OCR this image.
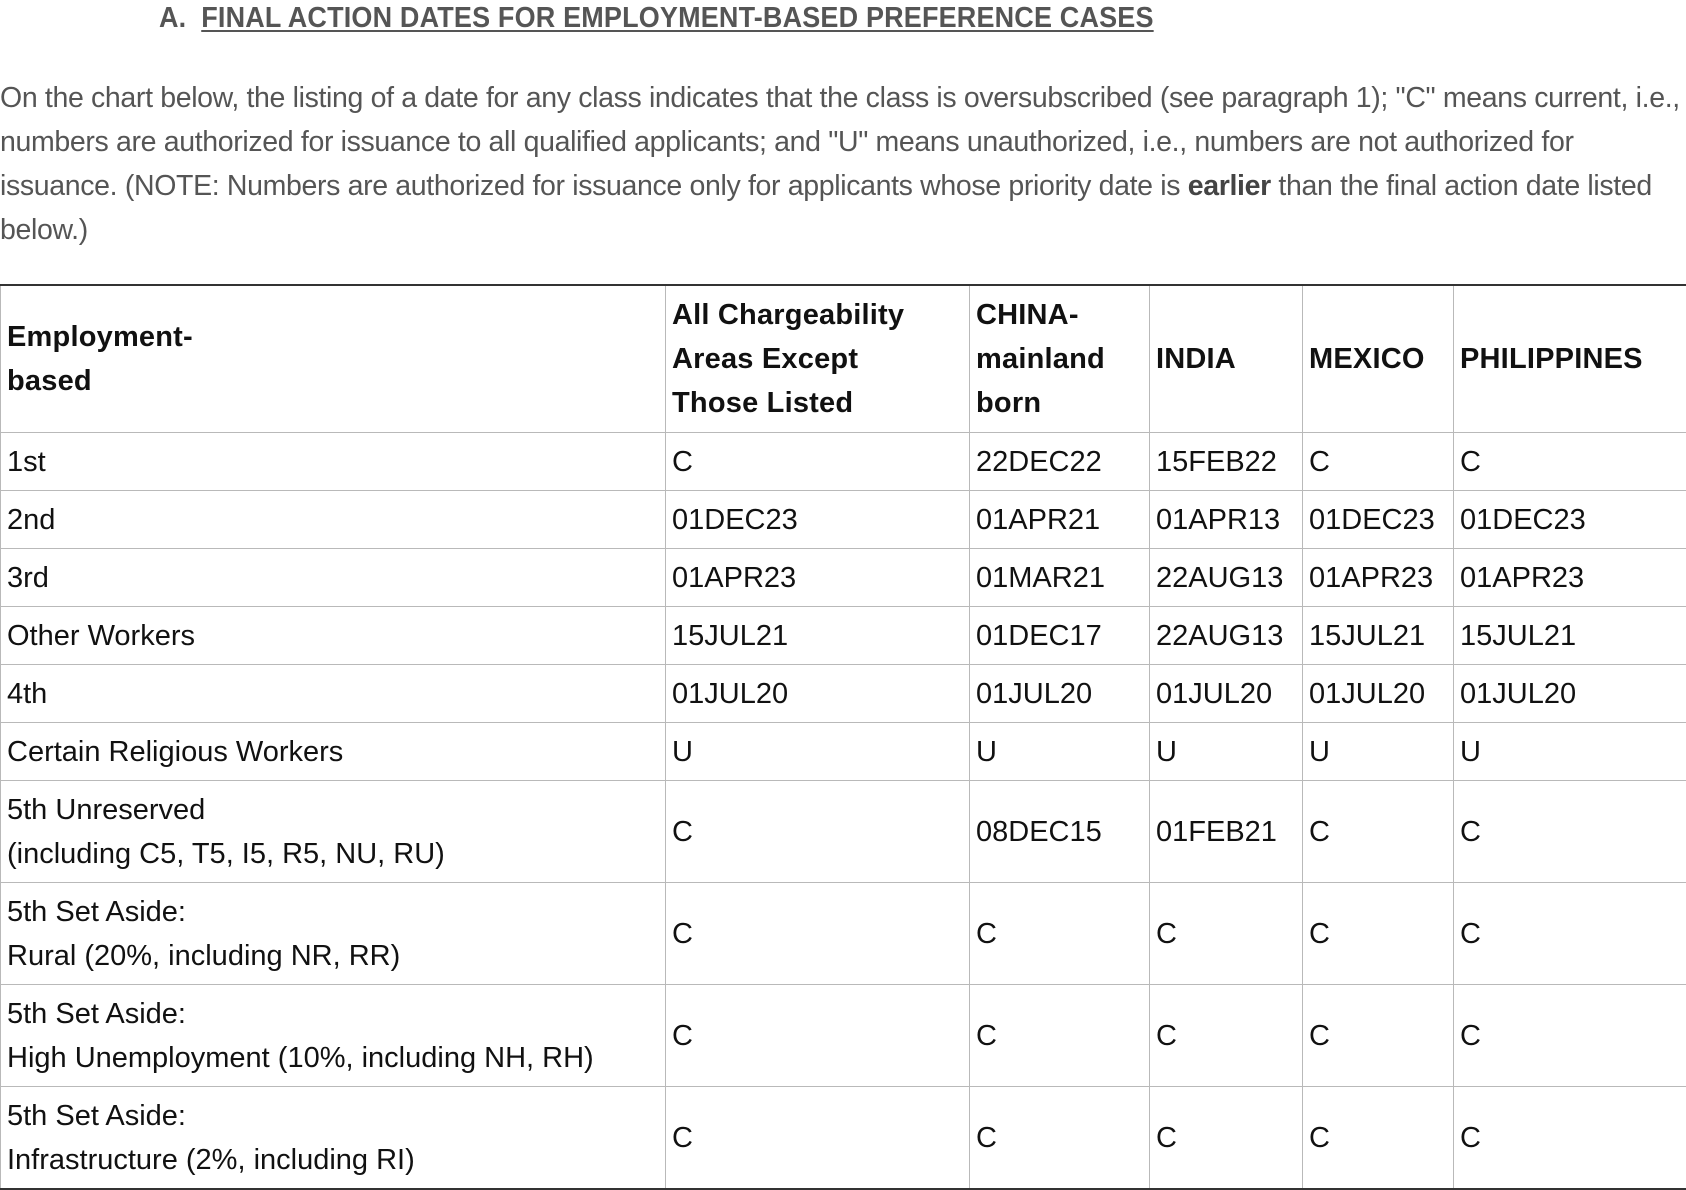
A. FINAL ACTION DATES FOR EMPLOYMENT-BASED PREFERENCE CASES

On the chart below, the listing of a date for any class indicates that the class is oversubscribed (see paragraph 1); "C" means current, i.e., numbers are authorized for issuance to all qualified applicants; and "U" means unauthorized, i.e., numbers are not authorized for issuance. (NOTE: Numbers are authorized for issuance only for applicants whose priority date is earlier than the final action date listed below.)

Employment-
based	All Chargeability
Areas Except
Those Listed	CHINA-
mainland
born	INDIA	MEXICO	PHILIPPINES

1st	C	22DEC22	15FEB22	C	C

2nd	01DEC23	01APR21	01APR13	01DEC23	01DEC23

3rd	01APR23	01MAR21	22AUG13	01APR23	01APR23

Other Workers	15JUL21	01DEC17	22AUG13	15JUL21	15JUL21

4th	01JUL20	01JUL20	01JUL20	01JUL20	01JUL20

Certain Religious Workers	U	U	U	U	U

5th Unreserved
(including C5, T5, I5, R5, NU, RU)	C	08DEC15	01FEB21	C	C

5th Set Aside:
Rural (20%, including NR, RR)	C	C	C	C	C

5th Set Aside:
High Unemployment (10%, including NH, RH)	C	C	C	C	C

5th Set Aside:
Infrastructure (2%, including RI)	C	C	C	C	C
